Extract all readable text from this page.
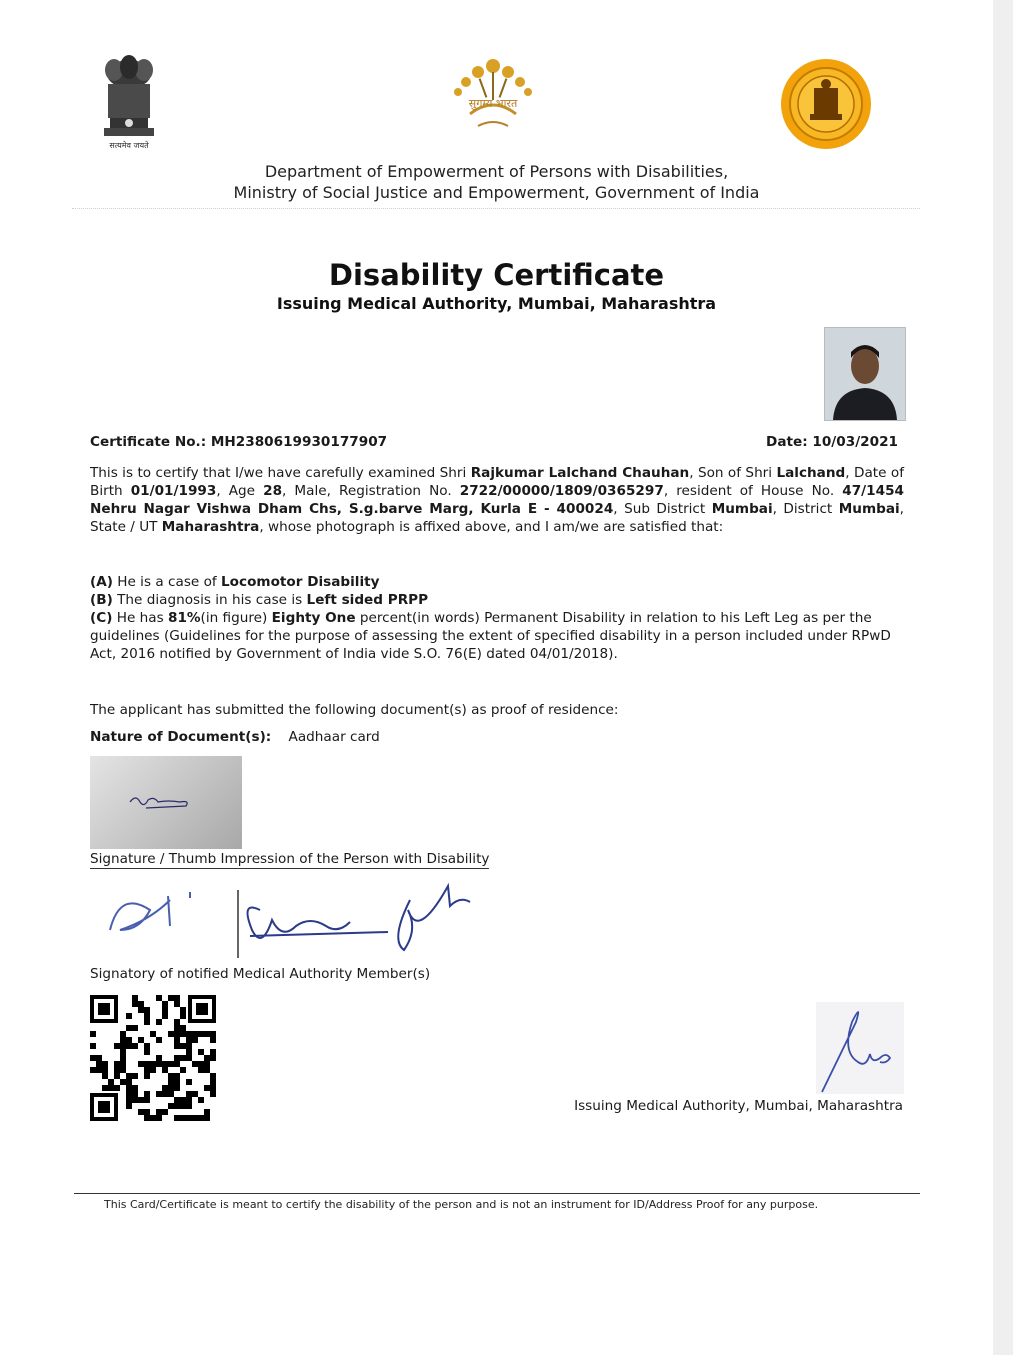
सत्यमेव जयते
सुगम्य भारत
Department of Empowerment of Persons with Disabilities,
Ministry of Social Justice and Empowerment, Government of India
Disability Certificate
Issuing Medical Authority, Mumbai, Maharashtra
Certificate No.: MH2380619930177907	Date: 10/03/2021
This is to certify that I/we have carefully examined Shri Rajkumar Lalchand Chauhan, Son of Shri Lalchand, Date of Birth 01/01/1993, Age 28, Male, Registration No. 2722/00000/1809/0365297, resident of House No. 47/1454 Nehru Nagar Vishwa Dham Chs, S.g.barve Marg, Kurla E - 400024, Sub District Mumbai, District Mumbai, State / UT Maharashtra, whose photograph is affixed above, and I am/we are satisfied that:
(A) He is a case of Locomotor Disability
(B) The diagnosis in his case is Left sided PRPP
(C) He has 81%(in figure) Eighty One percent(in words) Permanent Disability in relation to his Left Leg as per the guidelines (Guidelines for the purpose of assessing the extent of specified disability in a person included under RPwD Act, 2016 notified by Government of India vide S.O. 76(E) dated 04/01/2018).
The applicant has submitted the following document(s) as proof of residence:
Nature of Document(s): Aadhaar card
Signature / Thumb Impression of the Person with Disability
Signatory of notified Medical Authority Member(s)
Issuing Medical Authority, Mumbai, Maharashtra
This Card/Certificate is meant to certify the disability of the person and is not an instrument for ID/Address Proof for any purpose.
